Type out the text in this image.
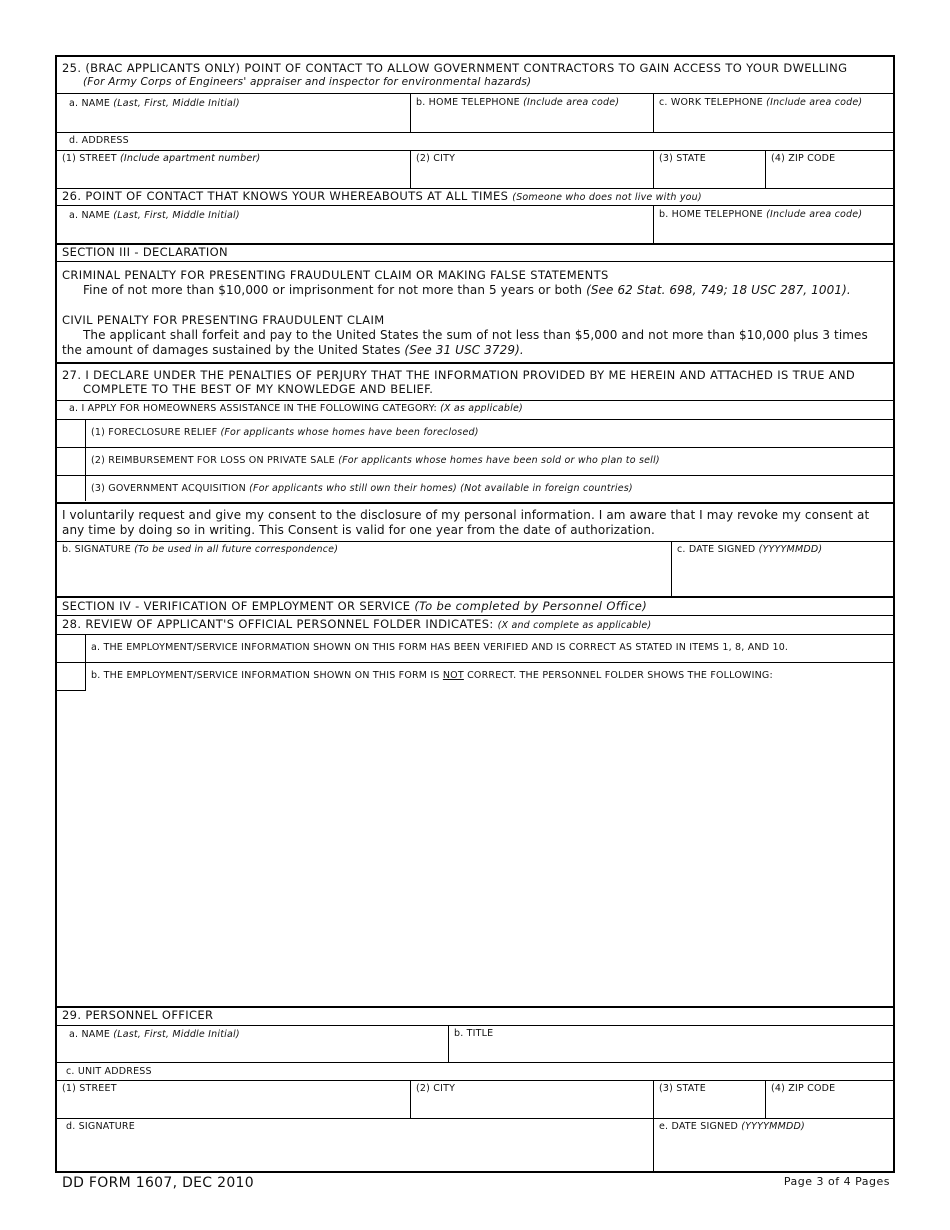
25. (BRAC APPLICANTS ONLY) POINT OF CONTACT TO ALLOW GOVERNMENT CONTRACTORS TO GAIN ACCESS TO YOUR DWELLING
(For Army Corps of Engineers' appraiser and inspector for environmental hazards)
a. NAME (Last, First, Middle Initial)	b. HOME TELEPHONE (Include area code)	c. WORK TELEPHONE (Include area code)
d. ADDRESS
(1) STREET (Include apartment number)	(2) CITY	(3) STATE	(4) ZIP CODE
26. POINT OF CONTACT THAT KNOWS YOUR WHEREABOUTS AT ALL TIMES (Someone who does not live with you)
a. NAME (Last, First, Middle Initial)	b. HOME TELEPHONE (Include area code)
SECTION III - DECLARATION
CRIMINAL PENALTY FOR PRESENTING FRAUDULENT CLAIM OR MAKING FALSE STATEMENTS
Fine of not more than $10,000 or imprisonment for not more than 5 years or both (See 62 Stat. 698, 749; 18 USC 287, 1001).
CIVIL PENALTY FOR PRESENTING FRAUDULENT CLAIM
The applicant shall forfeit and pay to the United States the sum of not less than $5,000 and not more than $10,000 plus 3 times the amount of damages sustained by the United States (See 31 USC 3729).
27. I DECLARE UNDER THE PENALTIES OF PERJURY THAT THE INFORMATION PROVIDED BY ME HEREIN AND ATTACHED IS TRUE AND
COMPLETE TO THE BEST OF MY KNOWLEDGE AND BELIEF.
a. I APPLY FOR HOMEOWNERS ASSISTANCE IN THE FOLLOWING CATEGORY: (X as applicable)
(1) FORECLOSURE RELIEF (For applicants whose homes have been foreclosed)
(2) REIMBURSEMENT FOR LOSS ON PRIVATE SALE (For applicants whose homes have been sold or who plan to sell)
(3) GOVERNMENT ACQUISITION (For applicants who still own their homes) (Not available in foreign countries)
I voluntarily request and give my consent to the disclosure of my personal information. I am aware that I may revoke my consent at any time by doing so in writing. This Consent is valid for one year from the date of authorization.
b. SIGNATURE (To be used in all future correspondence)	c. DATE SIGNED (YYYYMMDD)
SECTION IV - VERIFICATION OF EMPLOYMENT OR SERVICE (To be completed by Personnel Office)
28. REVIEW OF APPLICANT'S OFFICIAL PERSONNEL FOLDER INDICATES: (X and complete as applicable)
a. THE EMPLOYMENT/SERVICE INFORMATION SHOWN ON THIS FORM HAS BEEN VERIFIED AND IS CORRECT AS STATED IN ITEMS 1, 8, AND 10.
b. THE EMPLOYMENT/SERVICE INFORMATION SHOWN ON THIS FORM IS NOT CORRECT. THE PERSONNEL FOLDER SHOWS THE FOLLOWING:
29. PERSONNEL OFFICER
a. NAME (Last, First, Middle Initial)	b. TITLE
c. UNIT ADDRESS
(1) STREET	(2) CITY	(3) STATE	(4) ZIP CODE
d. SIGNATURE	e. DATE SIGNED (YYYYMMDD)
DD FORM 1607, DEC 2010	Page 3 of 4 Pages
